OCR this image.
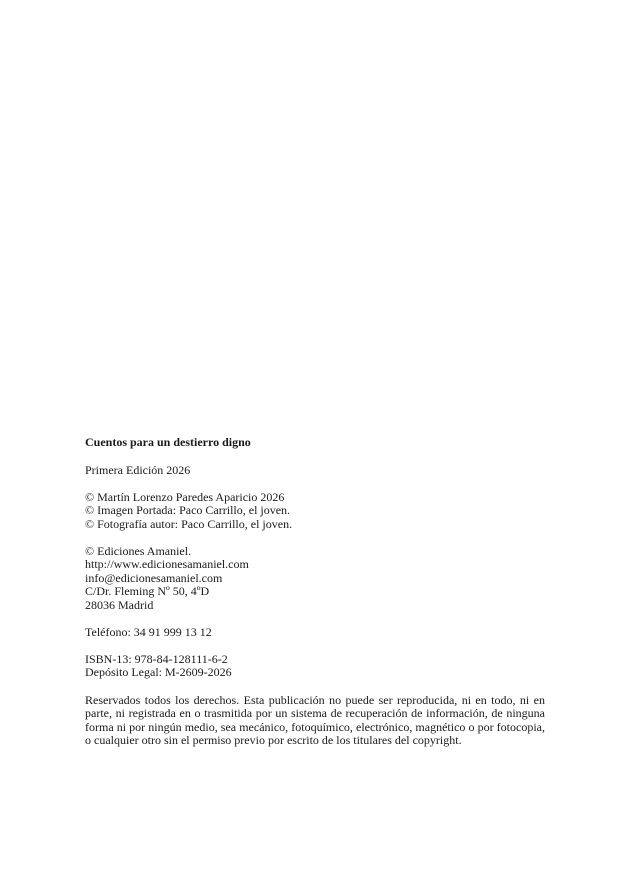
Cuentos para un destierro digno
Primera Edición 2026
© Martín Lorenzo Paredes Aparicio 2026
© Imagen Portada: Paco Carrillo, el joven.
© Fotografía autor: Paco Carrillo, el joven.
© Ediciones Amaniel.
http://www.edicionesamaniel.com
info@edicionesamaniel.com
C/Dr. Fleming Nº 50, 4ºD
28036 Madrid
Teléfono: 34 91 999 13 12
ISBN-13: 978-84-128111-6-2
Depósito Legal: M-2609-2026

Reservados todos los derechos. Esta publicación no puede ser reproducida, ni en todo, ni en parte, ni registrada en o trasmitida por un sistema de recuperación de información, de ninguna forma ni por ningún medio, sea mecánico, fotoquímico, electrónico, magnético o por fotocopia, o cualquier otro sin el permiso previo por escrito de los titulares del copyright.
